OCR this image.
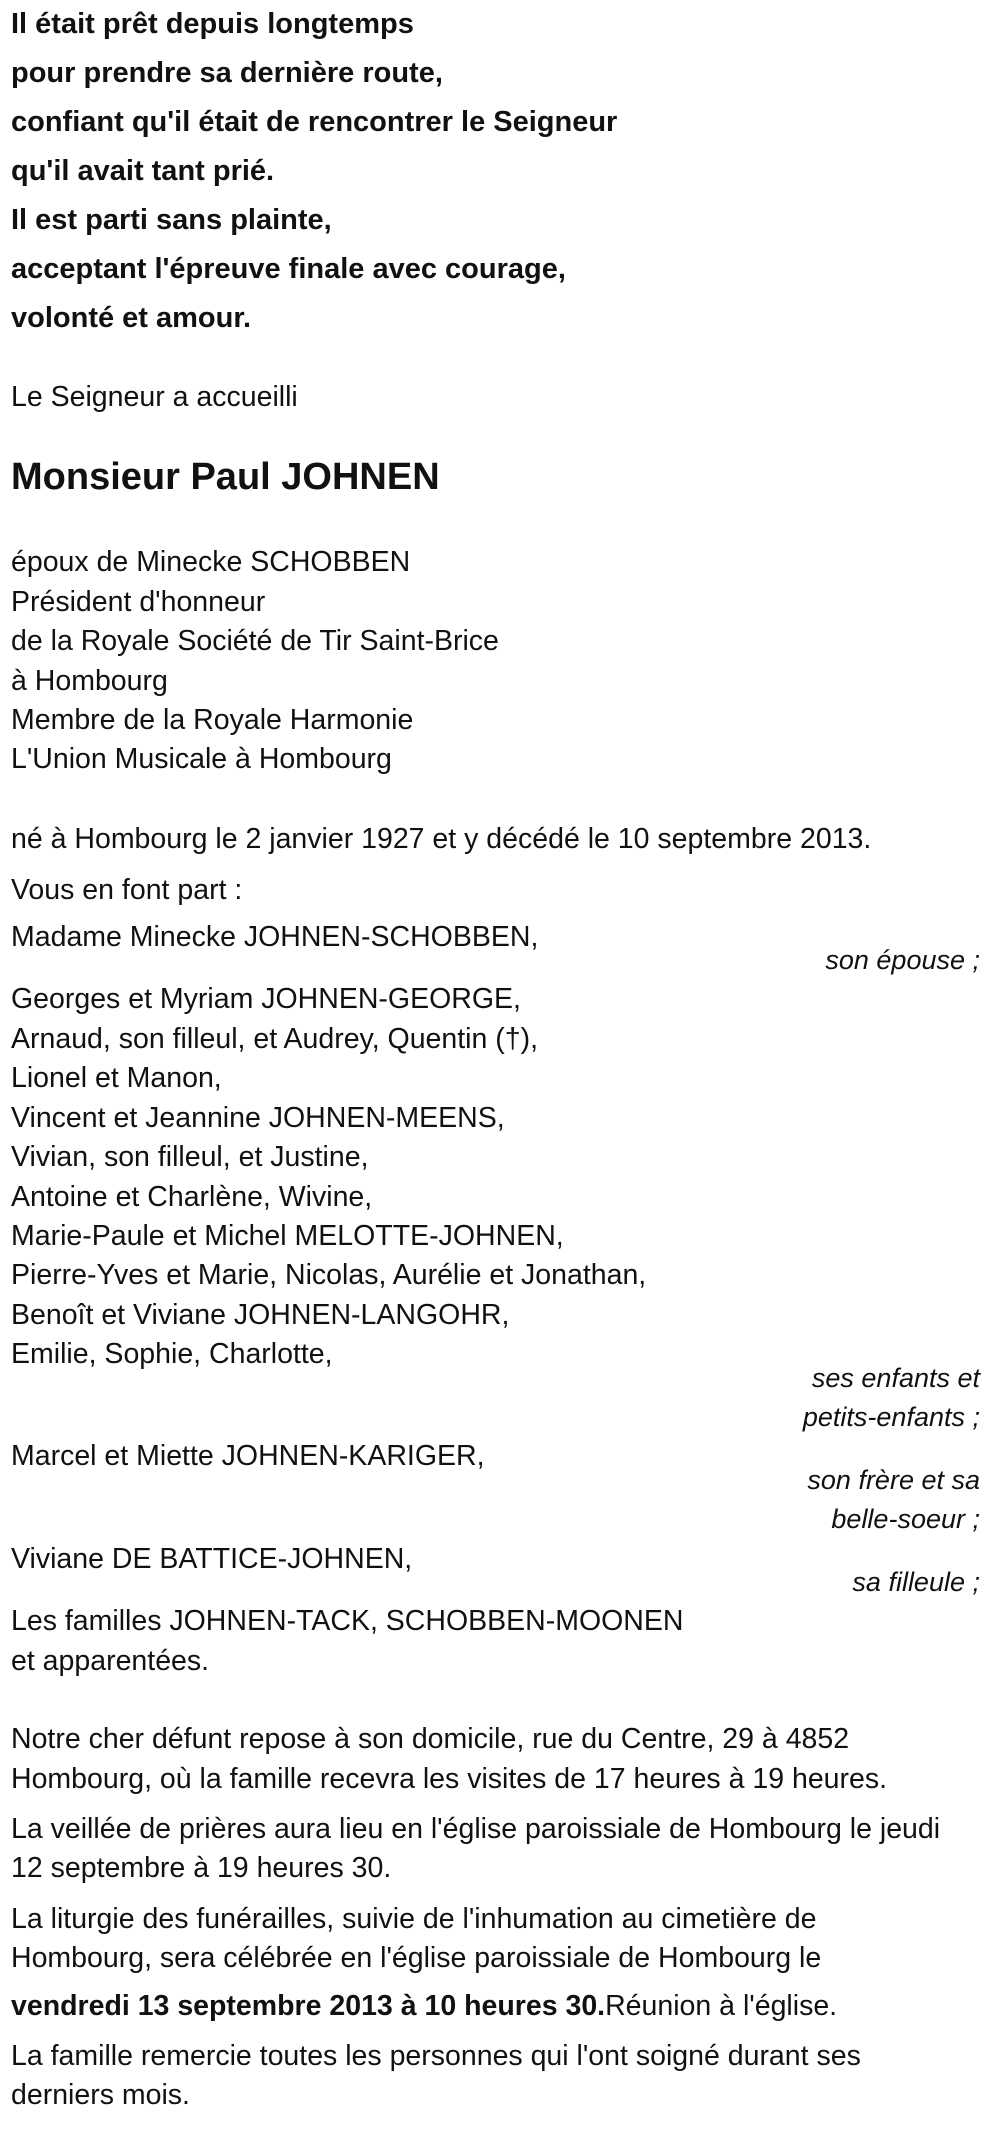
Il était prêt depuis longtemps
pour prendre sa dernière route,
confiant qu'il était de rencontrer le Seigneur
qu'il avait tant prié.
Il est parti sans plainte,
acceptant l'épreuve finale avec courage,
volonté et amour.
Le Seigneur a accueilli
Monsieur Paul JOHNEN
époux de Minecke SCHOBBEN
Président d'honneur
de la Royale Société de Tir Saint-Brice
à Hombourg
Membre de la Royale Harmonie
L'Union Musicale à Hombourg
né à Hombourg le 2 janvier 1927 et y décédé le 10 septembre 2013.
Vous en font part :
Madame Minecke JOHNEN-SCHOBBEN,
son épouse ;
Georges et Myriam JOHNEN-GEORGE,
Arnaud, son filleul, et Audrey, Quentin (†),
Lionel et Manon,
Vincent et Jeannine JOHNEN-MEENS,
Vivian, son filleul, et Justine,
Antoine et Charlène, Wivine,
Marie-Paule et Michel MELOTTE-JOHNEN,
Pierre-Yves et Marie, Nicolas, Aurélie et Jonathan,
Benoît et Viviane JOHNEN-LANGOHR,
Emilie, Sophie, Charlotte,
ses enfants et
petits-enfants ;
Marcel et Miette JOHNEN-KARIGER,
son frère et sa
belle-soeur ;
Viviane DE BATTICE-JOHNEN,
sa filleule ;
Les familles JOHNEN-TACK, SCHOBBEN-MOONEN
et apparentées.
Notre cher défunt repose à son domicile, rue du Centre, 29 à 4852
Hombourg, où la famille recevra les visites de 17 heures à 19 heures.
La veillée de prières aura lieu en l'église paroissiale de Hombourg le jeudi
12 septembre à 19 heures 30.
La liturgie des funérailles, suivie de l'inhumation au cimetière de
Hombourg, sera célébrée en l'église paroissiale de Hombourg le
vendredi 13 septembre 2013 à 10 heures 30.Réunion à l'église.
La famille remercie toutes les personnes qui l'ont soigné durant ses
derniers mois.
